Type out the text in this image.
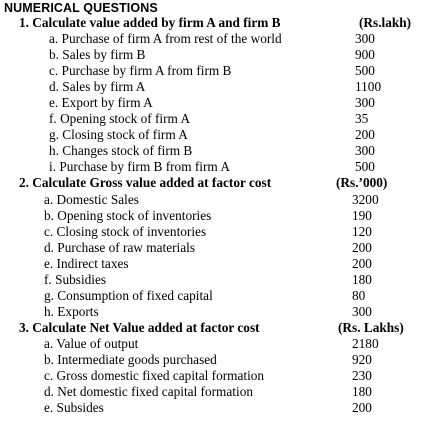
NUMERICAL QUESTIONS
1. Calculate value added by firm A and firm B	(Rs.lakh)
a. Purchase of firm A from rest of the world	300
b. Sales by firm B	900
c. Purchase by firm A from firm B	500
d. Sales by firm A	1100
e. Export by firm A	300
f. Opening stock of firm A	35
g. Closing stock of firm A	200
h. Changes stock of firm B	300
i. Purchase by firm B from firm A	500
2. Calculate Gross value added at factor cost	(Rs.’000)
a. Domestic Sales	3200
b. Opening stock of inventories	190
c. Closing stock of inventories	120
d. Purchase of raw materials	200
e. Indirect taxes	200
f. Subsidies	180
g. Consumption of fixed capital	80
h. Exports	300
3. Calculate Net Value added at factor cost	(Rs. Lakhs)
a. Value of output	2180
b. Intermediate goods purchased	920
c. Gross domestic fixed capital formation	230
d. Net domestic fixed capital formation	180
e. Subsides	200
